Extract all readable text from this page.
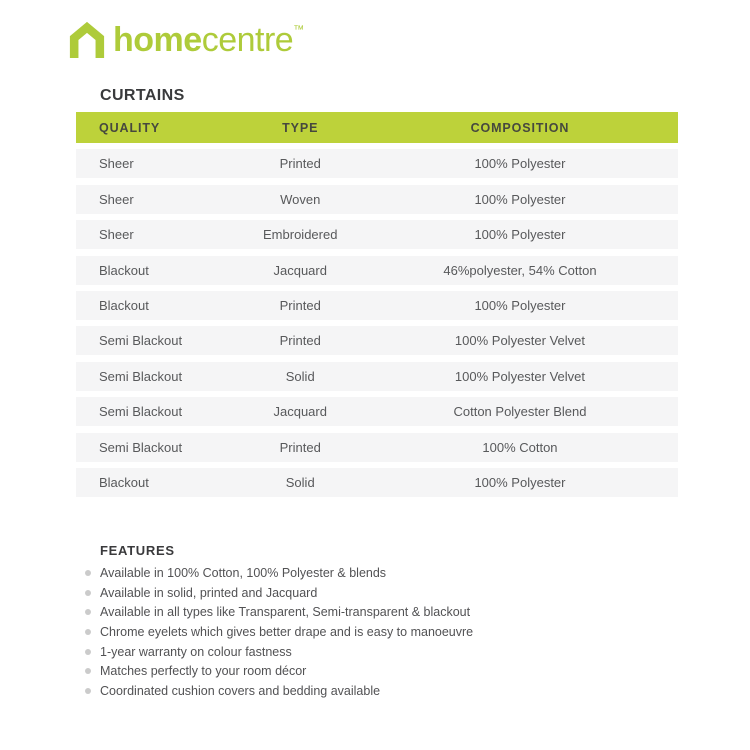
homecentre™
CURTAINS
QUALITY	TYPE	COMPOSITION
Sheer	Printed	100% Polyester
Sheer	Woven	100% Polyester
Sheer	Embroidered	100% Polyester
Blackout	Jacquard	46%polyester, 54% Cotton
Blackout	Printed	100% Polyester
Semi Blackout	Printed	100% Polyester Velvet
Semi Blackout	Solid	100% Polyester Velvet
Semi Blackout	Jacquard	Cotton Polyester Blend
Semi Blackout	Printed	100% Cotton
Blackout	Solid	100% Polyester
FEATURES
Available in 100% Cotton, 100% Polyester & blends
Available in solid, printed and Jacquard
Available in all types like Transparent, Semi-transparent & blackout
Chrome eyelets which gives better drape and is easy to manoeuvre
1-year warranty on colour fastness
Matches perfectly to your room décor
Coordinated cushion covers and bedding available
